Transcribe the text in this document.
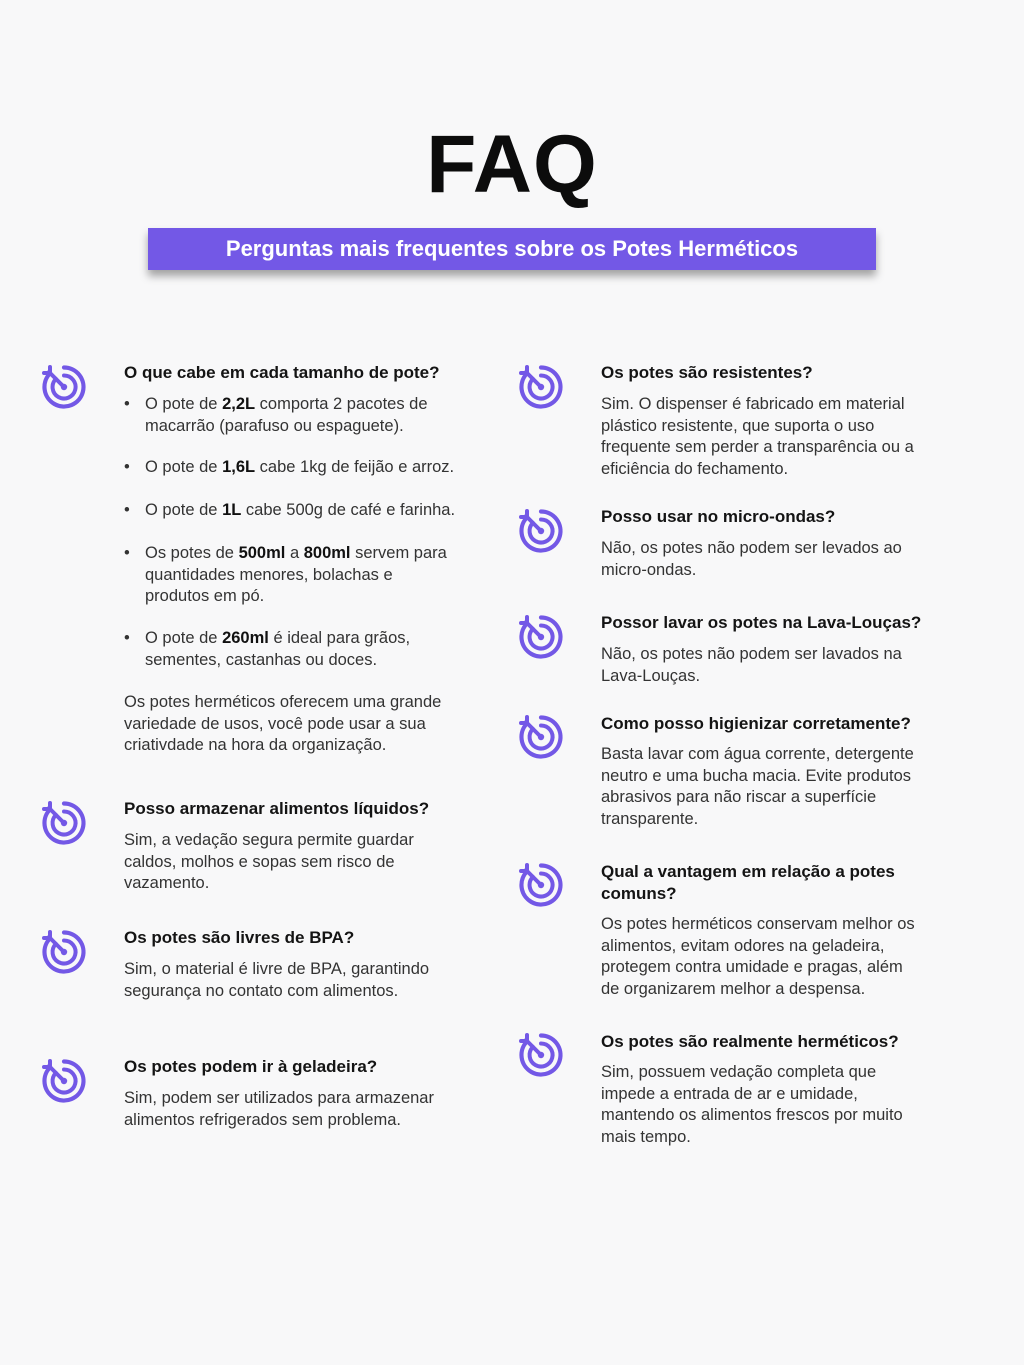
FAQ
Perguntas mais frequentes sobre os Potes Herméticos

O que cabe em cada tamanho de pote?

• O pote de 2,2L comporta 2 pacotes de
macarrão (parafuso ou espaguete).
• O pote de 1,6L cabe 1kg de feijão e arroz.
• O pote de 1L cabe 500g de café e farinha.
• Os potes de 500ml a 800ml servem para
quantidades menores, bolachas e
produtos em pó.
• O pote de 260ml é ideal para grãos,
sementes, castanhas ou doces.

Os potes herméticos oferecem uma grande
variedade de usos, você pode usar a sua
criativdade na hora da organização.

Posso armazenar alimentos líquidos?

Sim, a vedação segura permite guardar
caldos, molhos e sopas sem risco de
vazamento.

Os potes são livres de BPA?

Sim, o material é livre de BPA, garantindo
segurança no contato com alimentos.

Os potes podem ir à geladeira?

Sim, podem ser utilizados para armazenar
alimentos refrigerados sem problema.

Os potes são resistentes?

Sim. O dispenser é fabricado em material
plástico resistente, que suporta o uso
frequente sem perder a transparência ou a
eficiência do fechamento.

Posso usar no micro-ondas?

Não, os potes não podem ser levados ao
micro-ondas.

Possor lavar os potes na Lava-Louças?

Não, os potes não podem ser lavados na
Lava-Louças.

Como posso higienizar corretamente?

Basta lavar com água corrente, detergente
neutro e uma bucha macia. Evite produtos
abrasivos para não riscar a superfície
transparente.

Qual a vantagem em relação a potes
comuns?

Os potes herméticos conservam melhor os
alimentos, evitam odores na geladeira,
protegem contra umidade e pragas, além
de organizarem melhor a despensa.

Os potes são realmente herméticos?

Sim, possuem vedação completa que
impede a entrada de ar e umidade,
mantendo os alimentos frescos por muito
mais tempo.
